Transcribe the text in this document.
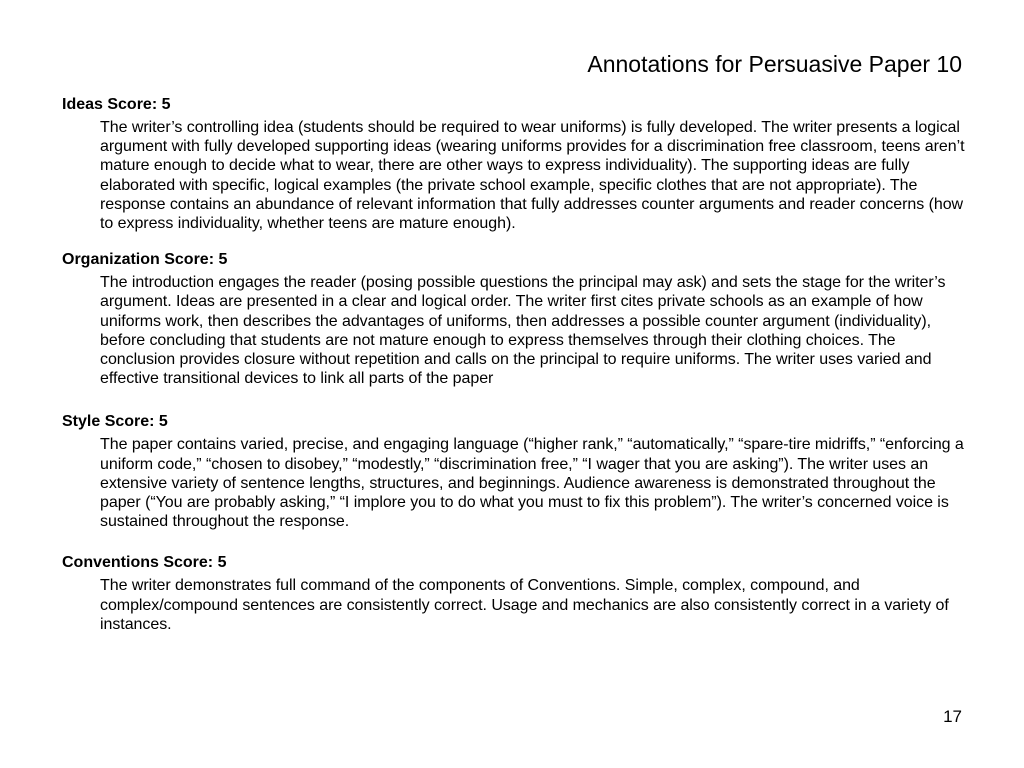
Annotations for Persuasive Paper 10

Ideas Score: 5

The writer’s controlling idea (students should be required to wear uniforms) is fully developed. The writer presents a logical argument with fully developed supporting ideas (wearing uniforms provides for a discrimination free classroom, teens aren’t mature enough to decide what to wear, there are other ways to express individuality). The supporting ideas are fully elaborated with specific, logical examples (the private school example, specific clothes that are not appropriate). The response contains an abundance of relevant information that fully addresses counter arguments and reader concerns (how to express individuality, whether teens are mature enough).

Organization Score: 5

The introduction engages the reader (posing possible questions the principal may ask) and sets the stage for the writer’s argument. Ideas are presented in a clear and logical order. The writer first cites private schools as an example of how uniforms work, then describes the advantages of uniforms, then addresses a possible counter argument (individuality), before concluding that students are not mature enough to express themselves through their clothing choices. The conclusion provides closure without repetition and calls on the principal to require uniforms. The writer uses varied and effective transitional devices to link all parts of the paper

Style Score: 5

The paper contains varied, precise, and engaging language (“higher rank,” “automatically,” “spare-tire midriffs,” “enforcing a uniform code,” “chosen to disobey,” “modestly,” “discrimination free,” “I wager that you are asking”). The writer uses an extensive variety of sentence lengths, structures, and beginnings. Audience awareness is demonstrated throughout the paper (“You are probably asking,” “I implore you to do what you must to fix this problem”). The writer’s concerned voice is sustained throughout the response.

Conventions Score: 5

The writer demonstrates full command of the components of Conventions. Simple, complex, compound, and complex/compound sentences are consistently correct. Usage and mechanics are also consistently correct in a variety of instances.
17
